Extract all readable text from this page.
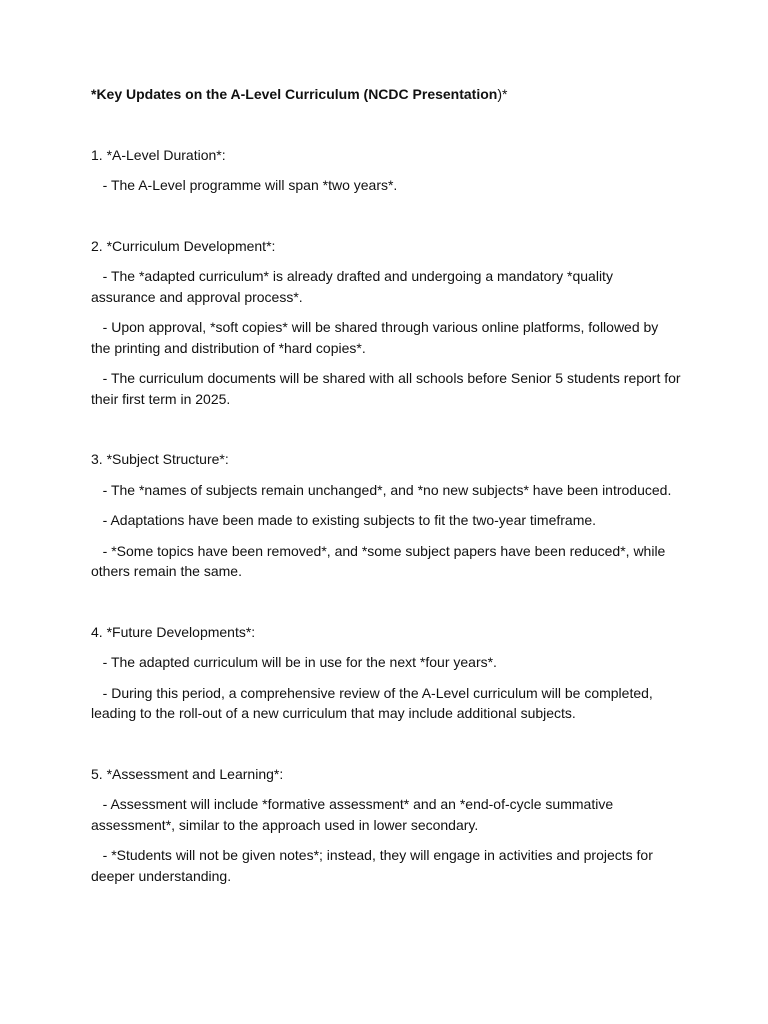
*Key Updates on the A-Level Curriculum (NCDC Presentation)*

1. *A-Level Duration*:

- The A-Level programme will span *two years*.

2. *Curriculum Development*:

- The *adapted curriculum* is already drafted and undergoing a mandatory *quality assurance and approval process*.

- Upon approval, *soft copies* will be shared through various online platforms, followed by the printing and distribution of *hard copies*.

- The curriculum documents will be shared with all schools before Senior 5 students report for their first term in 2025.

3. *Subject Structure*:

- The *names of subjects remain unchanged*, and *no new subjects* have been introduced.

- Adaptations have been made to existing subjects to fit the two-year timeframe.

- *Some topics have been removed*, and *some subject papers have been reduced*, while others remain the same.

4. *Future Developments*:

- The adapted curriculum will be in use for the next *four years*.

- During this period, a comprehensive review of the A-Level curriculum will be completed, leading to the roll-out of a new curriculum that may include additional subjects.

5. *Assessment and Learning*:

- Assessment will include *formative assessment* and an *end-of-cycle summative assessment*, similar to the approach used in lower secondary.

- *Students will not be given notes*; instead, they will engage in activities and projects for deeper understanding.
